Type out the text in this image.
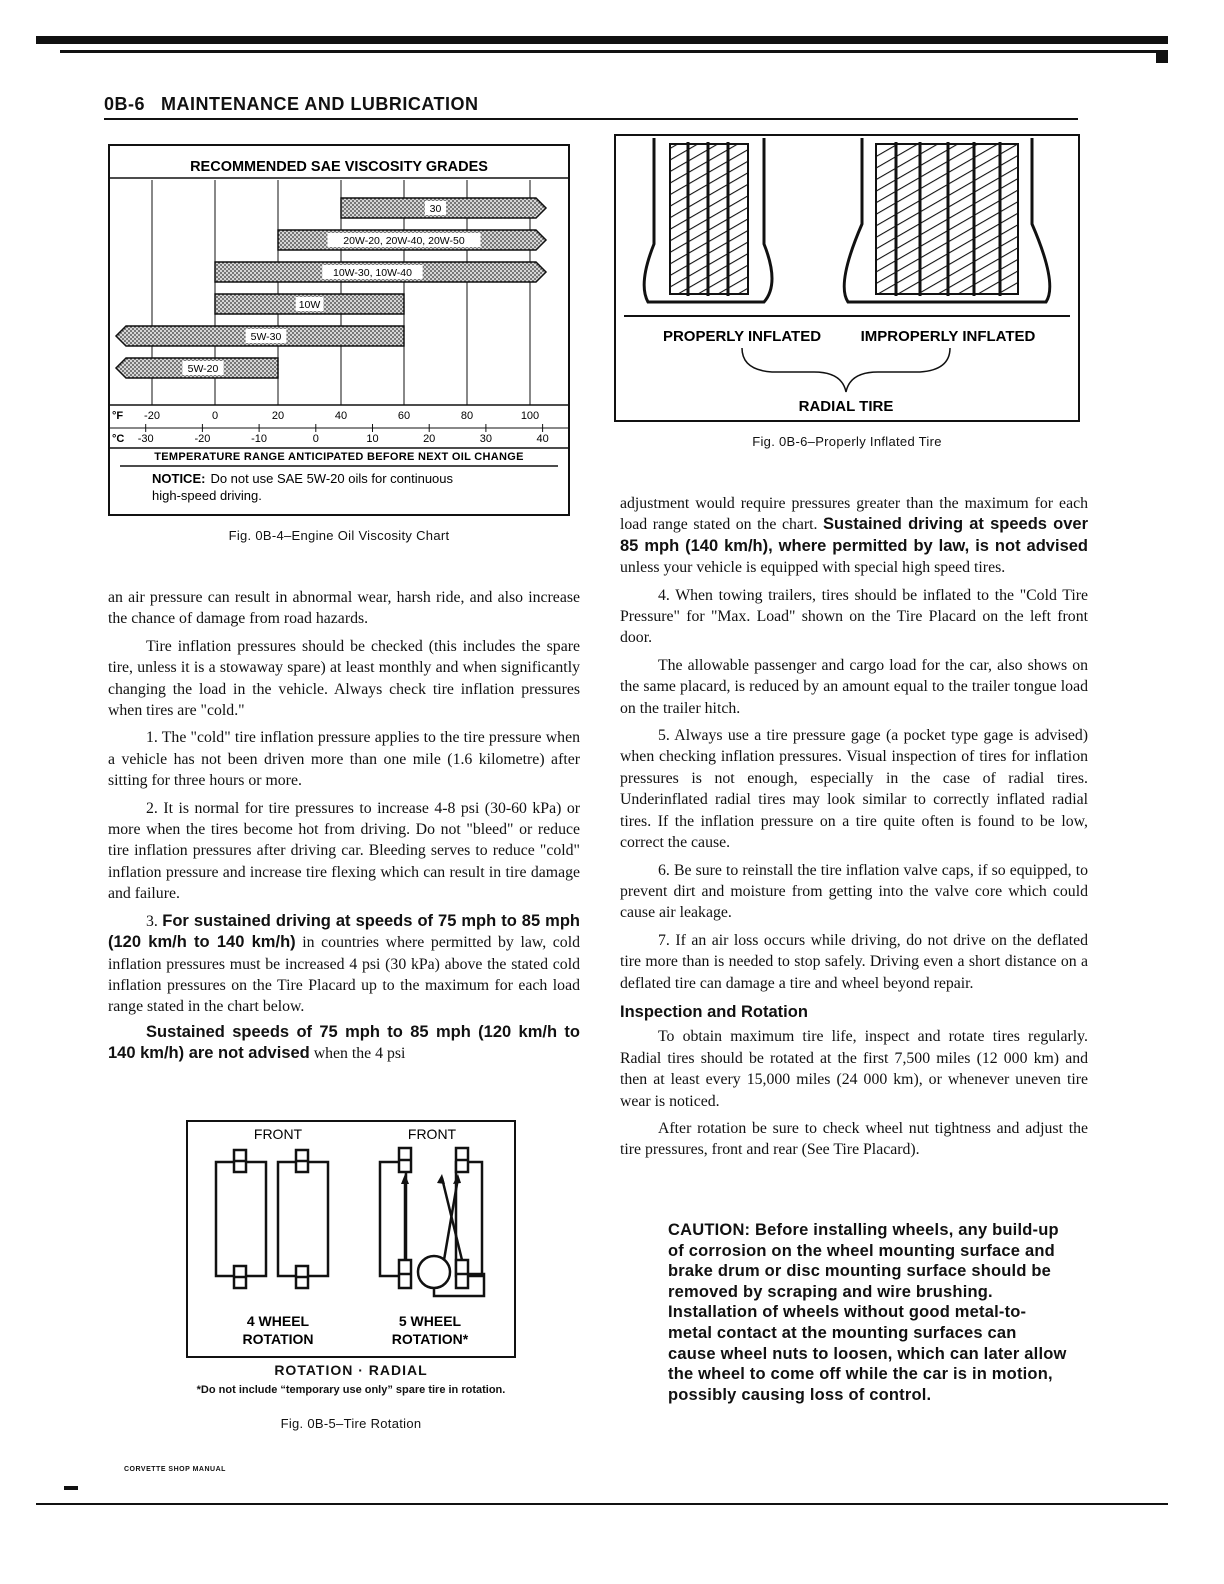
0B-6 MAINTENANCE AND LUBRICATION
RECOMMENDED SAE VISCOSITY GRADES
30
20W-20, 20W-40, 20W-50
10W-30, 10W-40
10W
5W-30
5W-20
°F
°C
-20	0	20	40	60	80	100
-30	-20	-10	0	10	20	30	40
TEMPERATURE RANGE ANTICIPATED BEFORE NEXT OIL CHANGE
NOTICE: Do not use SAE 5W-20 oils for continuous
high-speed driving.
Fig. 0B-4–Engine Oil Viscosity Chart
PROPERLY INFLATED	IMPROPERLY INFLATED
RADIAL TIRE
Fig. 0B-6–Properly Inflated Tire

an air pressure can result in abnormal wear, harsh ride, and also increase the chance of damage from road hazards.

Tire inflation pressures should be checked (this includes the spare tire, unless it is a stowaway spare) at least monthly and when significantly changing the load in the vehicle. Always check tire inflation pressures when tires are "cold."

1. The "cold" tire inflation pressure applies to the tire pressure when a vehicle has not been driven more than one mile (1.6 kilometre) after sitting for three hours or more.

2. It is normal for tire pressures to increase 4-8 psi (30-60 kPa) or more when the tires become hot from driving. Do not "bleed" or reduce tire inflation pressures after driving car. Bleeding serves to reduce "cold" inflation pressure and increase tire flexing which can result in tire damage and failure.

3. For sustained driving at speeds of 75 mph to 85 mph (120 km/h to 140 km/h) in countries where permitted by law, cold inflation pressures must be increased 4 psi (30 kPa) above the stated cold inflation pressures on the Tire Placard up to the maximum for each load range stated in the chart below.

Sustained speeds of 75 mph to 85 mph (120 km/h to 140 km/h) are not advised when the 4 psi

FRONT	FRONT
4 WHEEL
ROTATION
5 WHEEL
ROTATION*
ROTATION · RADIAL
*Do not include “temporary use only” spare tire in rotation.
Fig. 0B-5–Tire Rotation

adjustment would require pressures greater than the maximum for each load range stated on the chart. Sustained driving at speeds over 85 mph (140 km/h), where permitted by law, is not advised unless your vehicle is equipped with special high speed tires.

4. When towing trailers, tires should be inflated to the "Cold Tire Pressure" for "Max. Load" shown on the Tire Placard on the left front door.

The allowable passenger and cargo load for the car, also shows on the same placard, is reduced by an amount equal to the trailer tongue load on the trailer hitch.

5. Always use a tire pressure gage (a pocket type gage is advised) when checking inflation pressures. Visual inspection of tires for inflation pressures is not enough, especially in the case of radial tires. Underinflated radial tires may look similar to correctly inflated radial tires. If the inflation pressure on a tire quite often is found to be low, correct the cause.

6. Be sure to reinstall the tire inflation valve caps, if so equipped, to prevent dirt and moisture from getting into the valve core which could cause air leakage.

7. If an air loss occurs while driving, do not drive on the deflated tire more than is needed to stop safely. Driving even a short distance on a deflated tire can damage a tire and wheel beyond repair.

Inspection and Rotation

To obtain maximum tire life, inspect and rotate tires regularly. Radial tires should be rotated at the first 7,500 miles (12 000 km) and then at least every 15,000 miles (24 000 km), or whenever uneven tire wear is noticed.

After rotation be sure to check wheel nut tightness and adjust the tire pressures, front and rear (See Tire Placard).

CAUTION: Before installing wheels, any build-up of corrosion on the wheel mounting surface and brake drum or disc mounting surface should be removed by scraping and wire brushing. Installation of wheels without good metal-to-metal contact at the mounting surfaces can cause wheel nuts to loosen, which can later allow the wheel to come off while the car is in motion, possibly causing loss of control.
CORVETTE SHOP MANUAL
